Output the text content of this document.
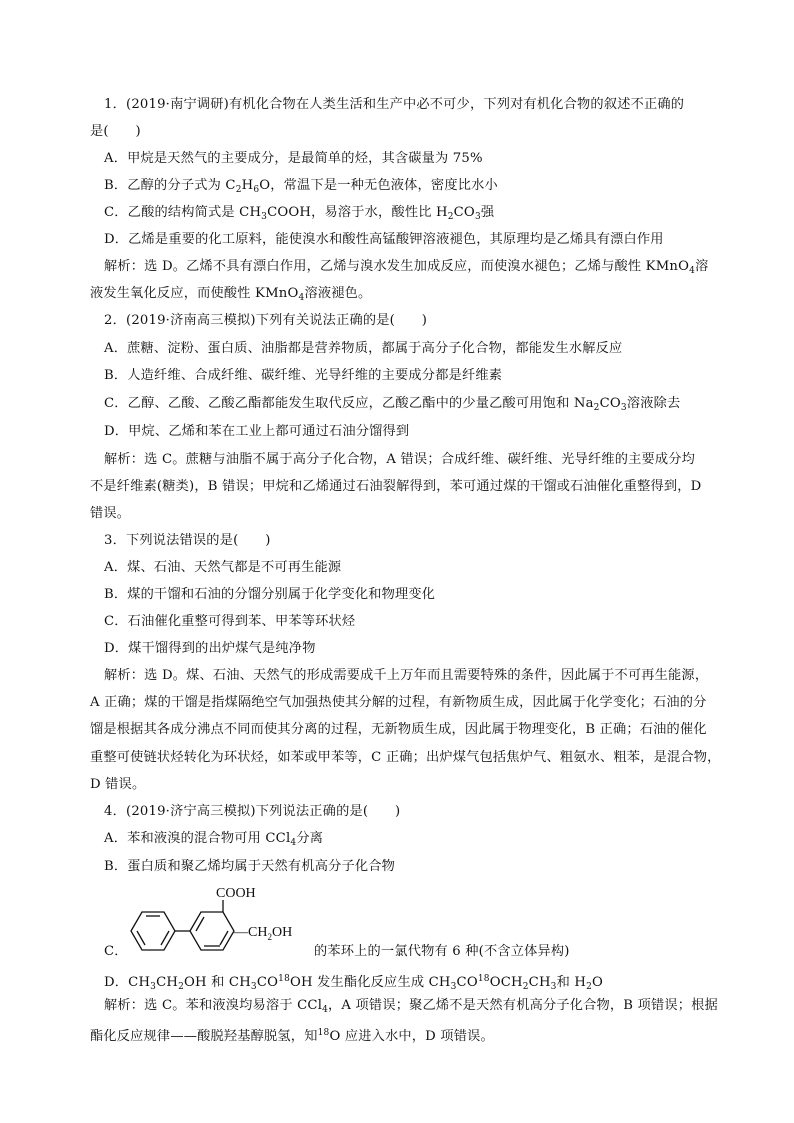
1．(2019·南宁调研)有机化合物在人类生活和生产中必不可少，下列对有机化合物的叙述不正确的
是(　　)
A．甲烷是天然气的主要成分，是最简单的烃，其含碳量为 75%
B．乙醇的分子式为 $C_2H_6O$，常温下是一种无色液体，密度比水小
C．乙酸的结构简式是 $CH_3COOH$，易溶于水，酸性比 $H_2CO_3$强
D．乙烯是重要的化工原料，能使溴水和酸性高锰酸钾溶液褪色，其原理均是乙烯具有漂白作用
解析：选 D。乙烯不具有漂白作用，乙烯与溴水发生加成反应，而使溴水褪色；乙烯与酸性 KMnO$_4$溶
液发生氧化反应，而使酸性 KMnO$_4$溶液褪色。
2．(2019·济南高三模拟)下列有关说法正确的是(　　)
A．蔗糖、淀粉、蛋白质、油脂都是营养物质，都属于高分子化合物，都能发生水解反应
B．人造纤维、合成纤维、碳纤维、光导纤维的主要成分都是纤维素
C．乙醇、乙酸、乙酸乙酯都能发生取代反应，乙酸乙酯中的少量乙酸可用饱和 $Na_2CO_3$溶液除去
D．甲烷、乙烯和苯在工业上都可通过石油分馏得到
解析：选 C。蔗糖与油脂不属于高分子化合物，A 错误；合成纤维、碳纤维、光导纤维的主要成分均
不是纤维素(糖类)，B 错误；甲烷和乙烯通过石油裂解得到，苯可通过煤的干馏或石油催化重整得到，D
错误。
3．下列说法错误的是(　　)
A．煤、石油、天然气都是不可再生能源
B．煤的干馏和石油的分馏分别属于化学变化和物理变化
C．石油催化重整可得到苯、甲苯等环状烃
D．煤干馏得到的出炉煤气是纯净物
解析：选 D。煤、石油、天然气的形成需要成千上万年而且需要特殊的条件，因此属于不可再生能源，
A 正确；煤的干馏是指煤隔绝空气加强热使其分解的过程，有新物质生成，因此属于化学变化；石油的分
馏是根据其各成分沸点不同而使其分离的过程，无新物质生成，因此属于物理变化，B 正确；石油的催化
重整可使链状烃转化为环状烃，如苯或甲苯等，C 正确；出炉煤气包括焦炉气、粗氨水、粗苯，是混合物，
D 错误。
4．(2019·济宁高三模拟)下列说法正确的是(　　)
A．苯和液溴的混合物可用 CCl$_4$分离
B．蛋白质和聚乙烯均属于天然有机高分子化合物
C．
COOH
$—CH_2OH$
的苯环上的一氯代物有 6 种(不含立体异构)
D．$CH_3CH_2OH$ 和 $CH_3CO^{18}OH$ 发生酯化反应生成 $CH_3CO^{18}OCH_2CH_3$和 $H_2O$
解析：选 C。苯和液溴均易溶于 CCl$_4$，A 项错误；聚乙烯不是天然有机高分子化合物，B 项错误；根据
酯化反应规律——酸脱羟基醇脱氢，知$^{18}$O 应进入水中，D 项错误。
